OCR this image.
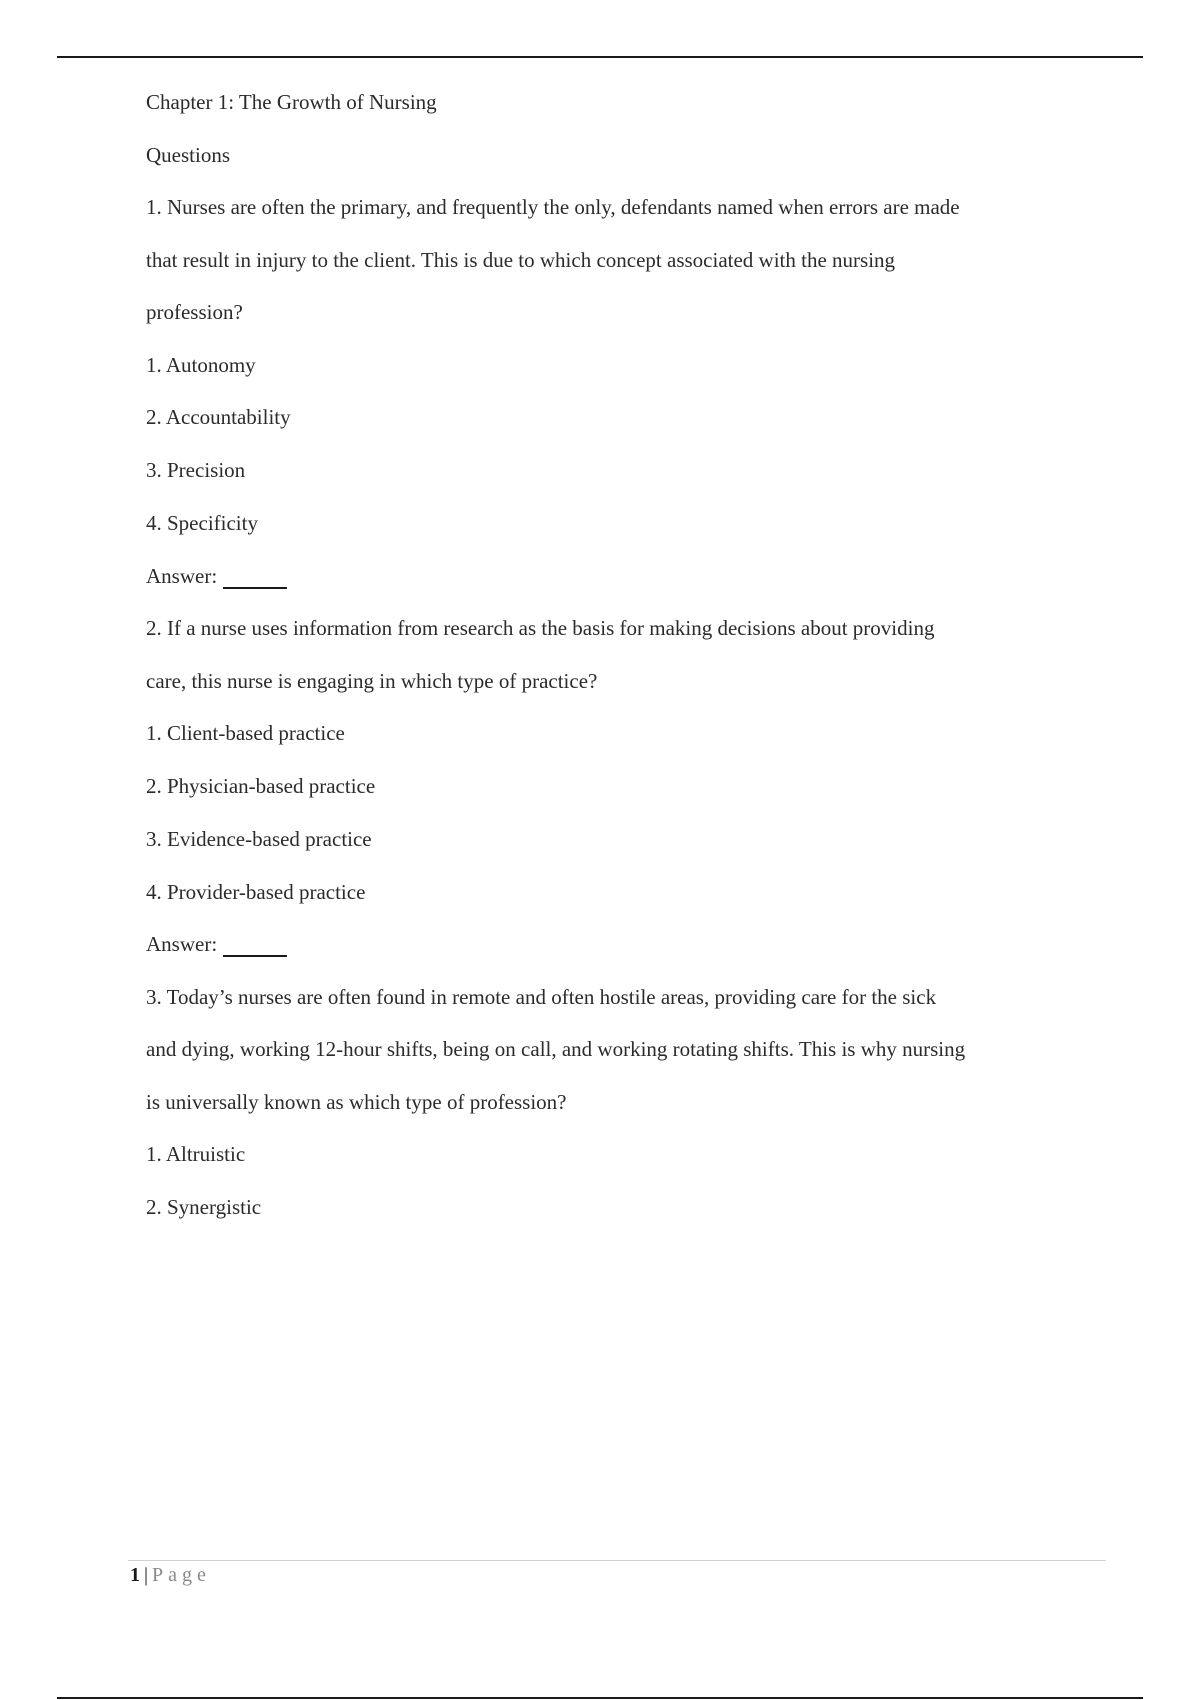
Chapter 1: The Growth of Nursing
Questions
1. Nurses are often the primary, and frequently the only, defendants named when errors are made
that result in injury to the client. This is due to which concept associated with the nursing
profession?
1. Autonomy
2. Accountability
3. Precision
4. Specificity
Answer:
2. If a nurse uses information from research as the basis for making decisions about providing
care, this nurse is engaging in which type of practice?
1. Client-based practice
2. Physician-based practice
3. Evidence-based practice
4. Provider-based practice
Answer:
3. Today’s nurses are often found in remote and often hostile areas, providing care for the sick
and dying, working 12-hour shifts, being on call, and working rotating shifts. This is why nursing
is universally known as which type of profession?
1. Altruistic
2. Synergistic
1 | Page
